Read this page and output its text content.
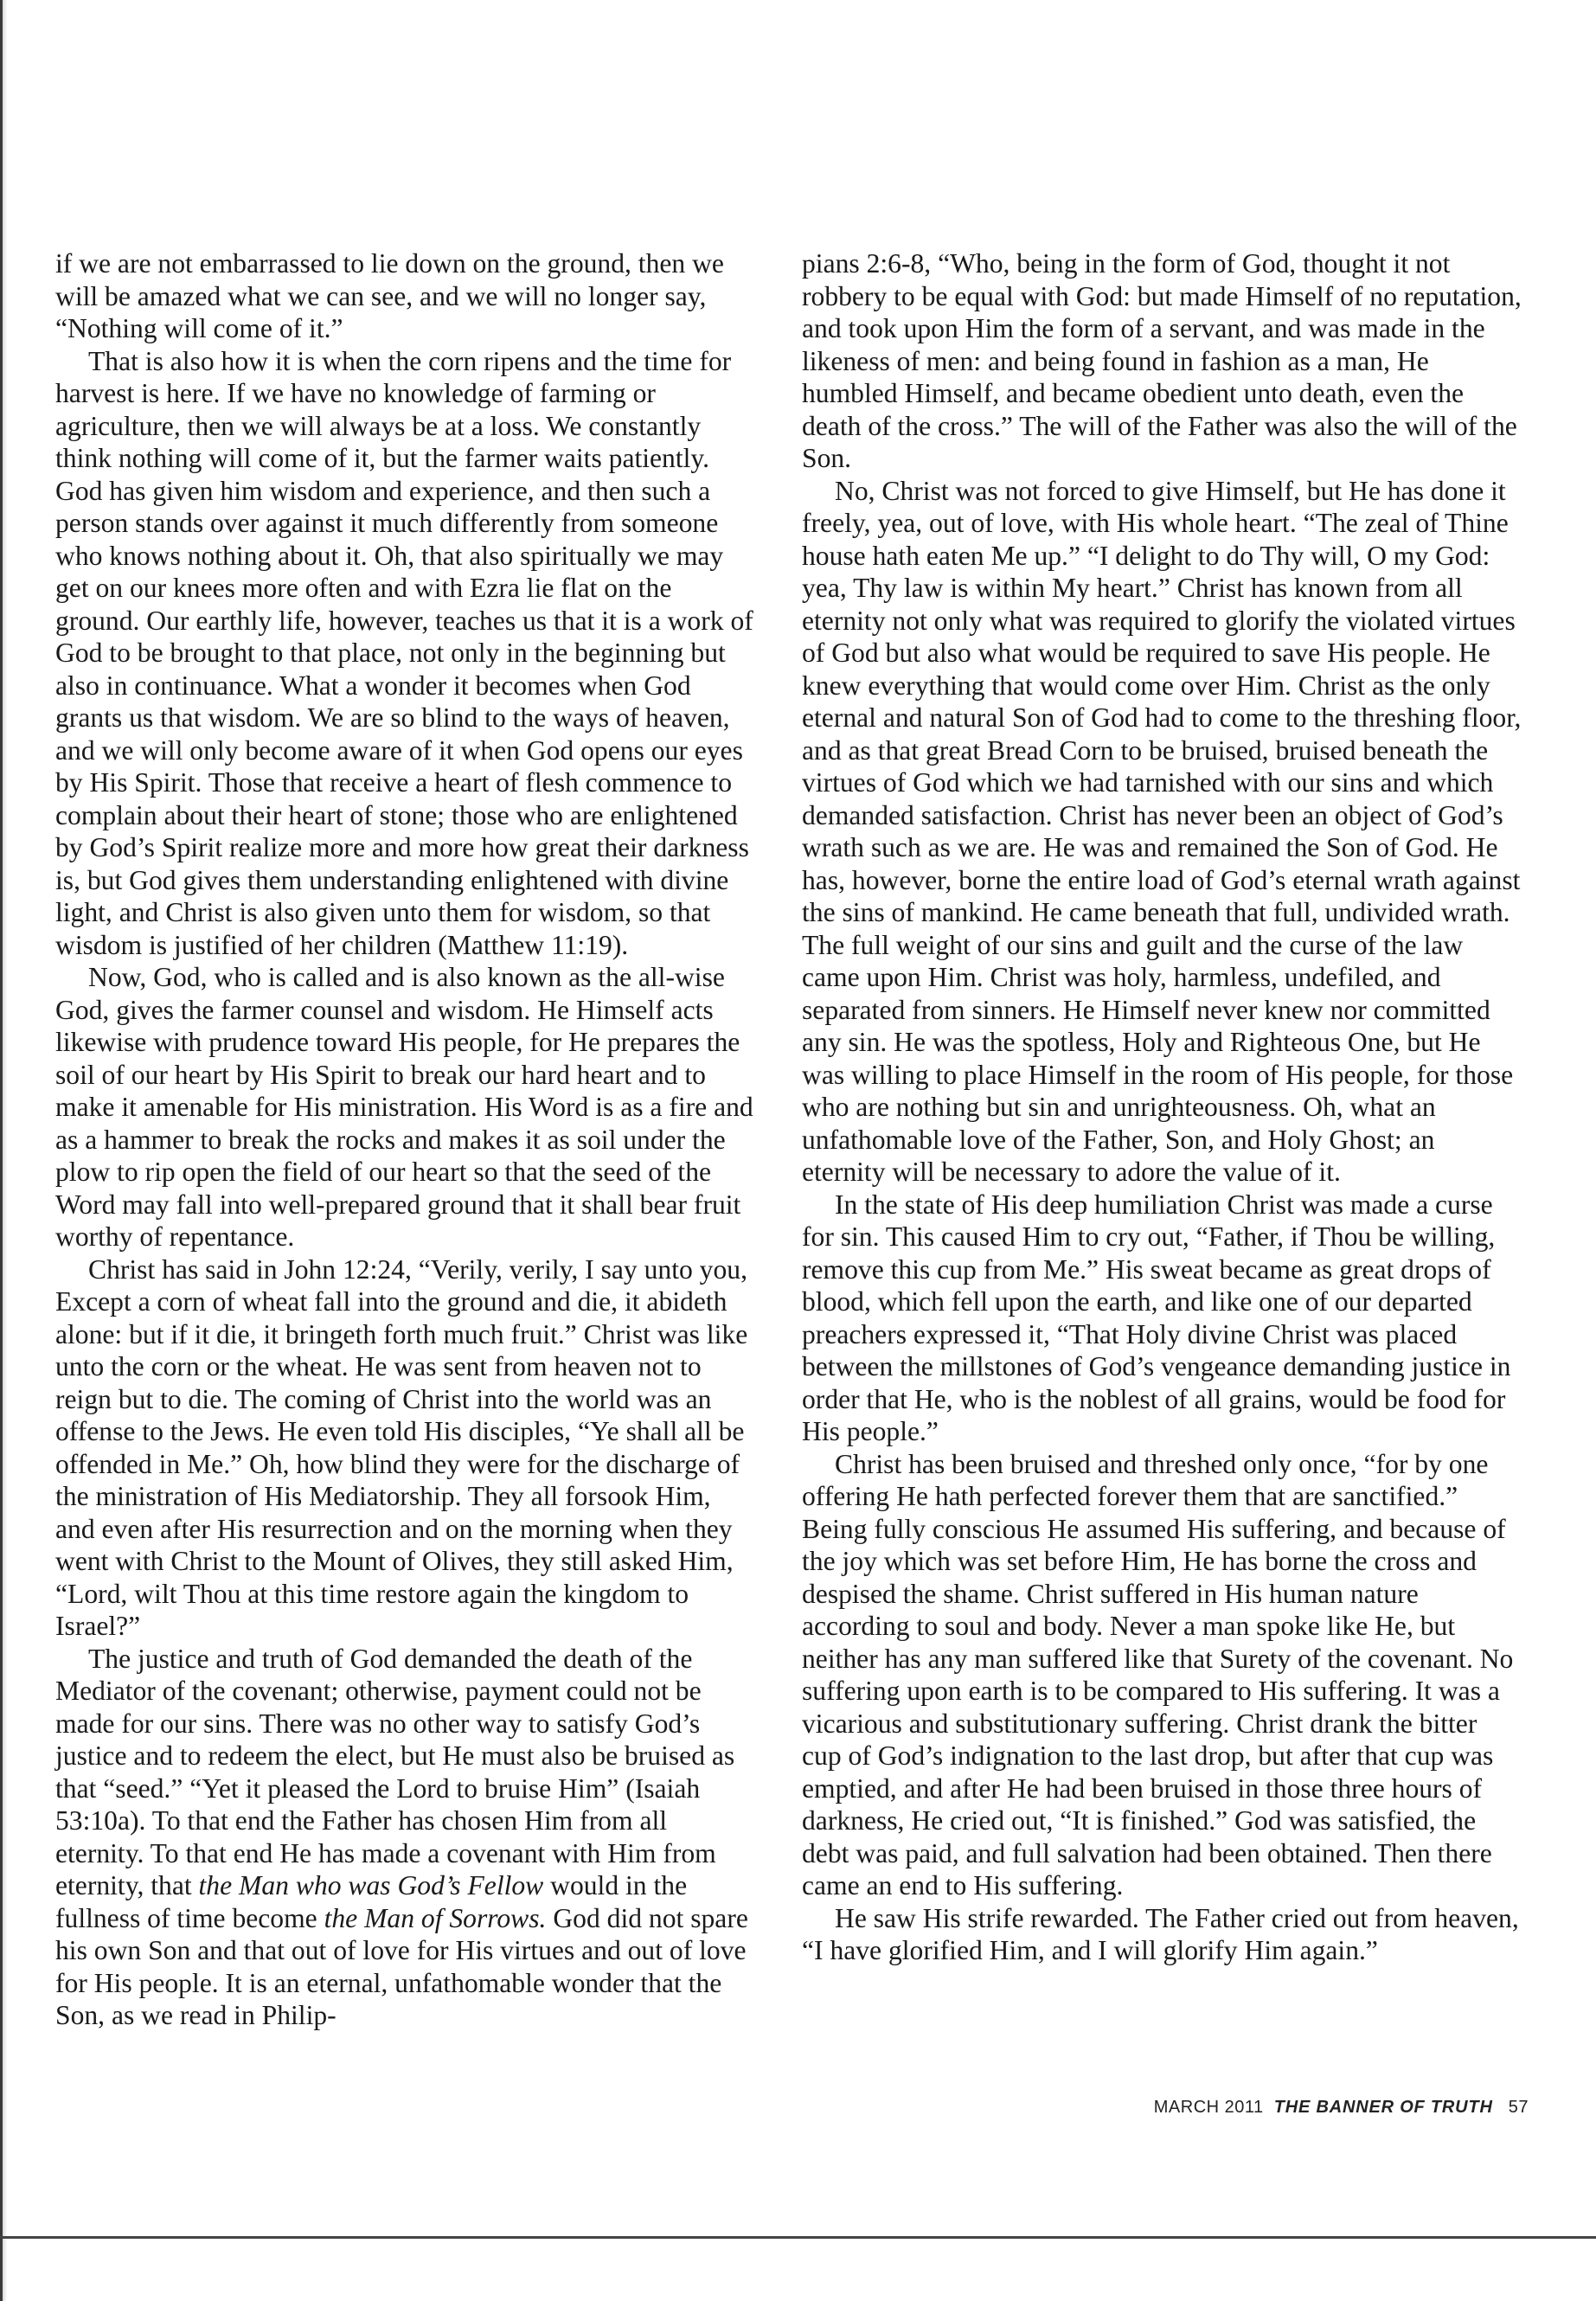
if we are not embarrassed to lie down on the ground, then we will be amazed what we can see, and we will no longer say, “Nothing will come of it.”

That is also how it is when the corn ripens and the time for harvest is here. If we have no knowledge of farming or agriculture, then we will always be at a loss. We constantly think nothing will come of it, but the farmer waits patiently. God has given him wisdom and experience, and then such a person stands over against it much differently from someone who knows nothing about it. Oh, that also spiritually we may get on our knees more often and with Ezra lie flat on the ground. Our earthly life, however, teaches us that it is a work of God to be brought to that place, not only in the beginning but also in continuance. What a wonder it becomes when God grants us that wisdom. We are so blind to the ways of heaven, and we will only become aware of it when God opens our eyes by His Spirit. Those that receive a heart of flesh commence to complain about their heart of stone; those who are enlightened by God’s Spirit realize more and more how great their darkness is, but God gives them understanding enlightened with divine light, and Christ is also given unto them for wisdom, so that wisdom is justified of her children (Matthew 11:19).

Now, God, who is called and is also known as the all-wise God, gives the farmer counsel and wisdom. He Himself acts likewise with prudence toward His people, for He prepares the soil of our heart by His Spirit to break our hard heart and to make it amenable for His ministration. His Word is as a fire and as a hammer to break the rocks and makes it as soil under the plow to rip open the field of our heart so that the seed of the Word may fall into well-prepared ground that it shall bear fruit worthy of repentance.

Christ has said in John 12:24, “Verily, verily, I say unto you, Except a corn of wheat fall into the ground and die, it abideth alone: but if it die, it bringeth forth much fruit.” Christ was like unto the corn or the wheat. He was sent from heaven not to reign but to die. The coming of Christ into the world was an offense to the Jews. He even told His disciples, “Ye shall all be offended in Me.” Oh, how blind they were for the discharge of the ministration of His Mediatorship. They all forsook Him, and even after His resurrection and on the morning when they went with Christ to the Mount of Olives, they still asked Him, “Lord, wilt Thou at this time restore again the kingdom to Israel?”

The justice and truth of God demanded the death of the Mediator of the covenant; otherwise, payment could not be made for our sins. There was no other way to satisfy God’s justice and to redeem the elect, but He must also be bruised as that “seed.” “Yet it pleased the Lord to bruise Him” (Isaiah 53:10a). To that end the Father has chosen Him from all eternity. To that end He has made a covenant with Him from eternity, that the Man who was God’s Fellow would in the fullness of time become the Man of Sorrows. God did not spare his own Son and that out of love for His virtues and out of love for His people. It is an eternal, unfathomable wonder that the Son, as we read in Philip-

pians 2:6-8, “Who, being in the form of God, thought it not robbery to be equal with God: but made Himself of no reputation, and took upon Him the form of a servant, and was made in the likeness of men: and being found in fashion as a man, He humbled Himself, and became obedient unto death, even the death of the cross.” The will of the Father was also the will of the Son.

No, Christ was not forced to give Himself, but He has done it freely, yea, out of love, with His whole heart. “The zeal of Thine house hath eaten Me up.” “I delight to do Thy will, O my God: yea, Thy law is within My heart.” Christ has known from all eternity not only what was required to glorify the violated virtues of God but also what would be required to save His people. He knew everything that would come over Him. Christ as the only eternal and natural Son of God had to come to the threshing floor, and as that great Bread Corn to be bruised, bruised beneath the virtues of God which we had tarnished with our sins and which demanded satisfaction. Christ has never been an object of God’s wrath such as we are. He was and remained the Son of God. He has, however, borne the entire load of God’s eternal wrath against the sins of mankind. He came beneath that full, undivided wrath. The full weight of our sins and guilt and the curse of the law came upon Him. Christ was holy, harmless, undefiled, and separated from sinners. He Himself never knew nor committed any sin. He was the spotless, Holy and Righteous One, but He was willing to place Himself in the room of His people, for those who are nothing but sin and unrighteousness. Oh, what an unfathomable love of the Father, Son, and Holy Ghost; an eternity will be necessary to adore the value of it.

In the state of His deep humiliation Christ was made a curse for sin. This caused Him to cry out, “Father, if Thou be willing, remove this cup from Me.” His sweat became as great drops of blood, which fell upon the earth, and like one of our departed preachers expressed it, “That Holy divine Christ was placed between the millstones of God’s vengeance demanding justice in order that He, who is the noblest of all grains, would be food for His people.”

Christ has been bruised and threshed only once, “for by one offering He hath perfected forever them that are sanctified.” Being fully conscious He assumed His suffering, and because of the joy which was set before Him, He has borne the cross and despised the shame. Christ suffered in His human nature according to soul and body. Never a man spoke like He, but neither has any man suffered like that Surety of the covenant. No suffering upon earth is to be compared to His suffering. It was a vicarious and substitutionary suffering. Christ drank the bitter cup of God’s indignation to the last drop, but after that cup was emptied, and after He had been bruised in those three hours of darkness, He cried out, “It is finished.” God was satisfied, the debt was paid, and full salvation had been obtained. Then there came an end to His suffering.

He saw His strife rewarded. The Father cried out from heaven, “I have glorified Him, and I will glorify Him again.”

MARCH 2011 THE BANNER OF TRUTH 57
